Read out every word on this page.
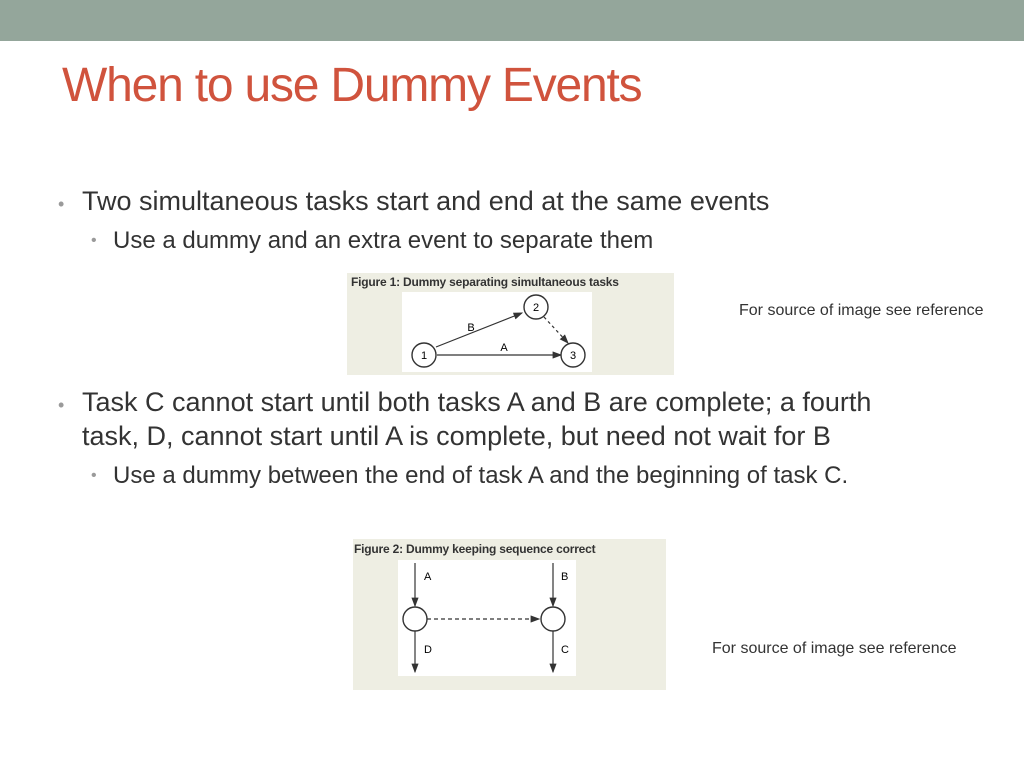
When to use Dummy Events
• Two simultaneous tasks start and end at the same events
• Use a dummy and an extra event to separate them
Figure 1: Dummy separating simultaneous tasks
1
2
3
B
A
For source of image see reference
• Task C cannot start until both tasks A and B are complete; a fourth
task, D, cannot start until A is complete, but need not wait for B
• Use a dummy between the end of task A and the beginning of task C.
Figure 2: Dummy keeping sequence correct
A	B
D	C	For source of image see reference
